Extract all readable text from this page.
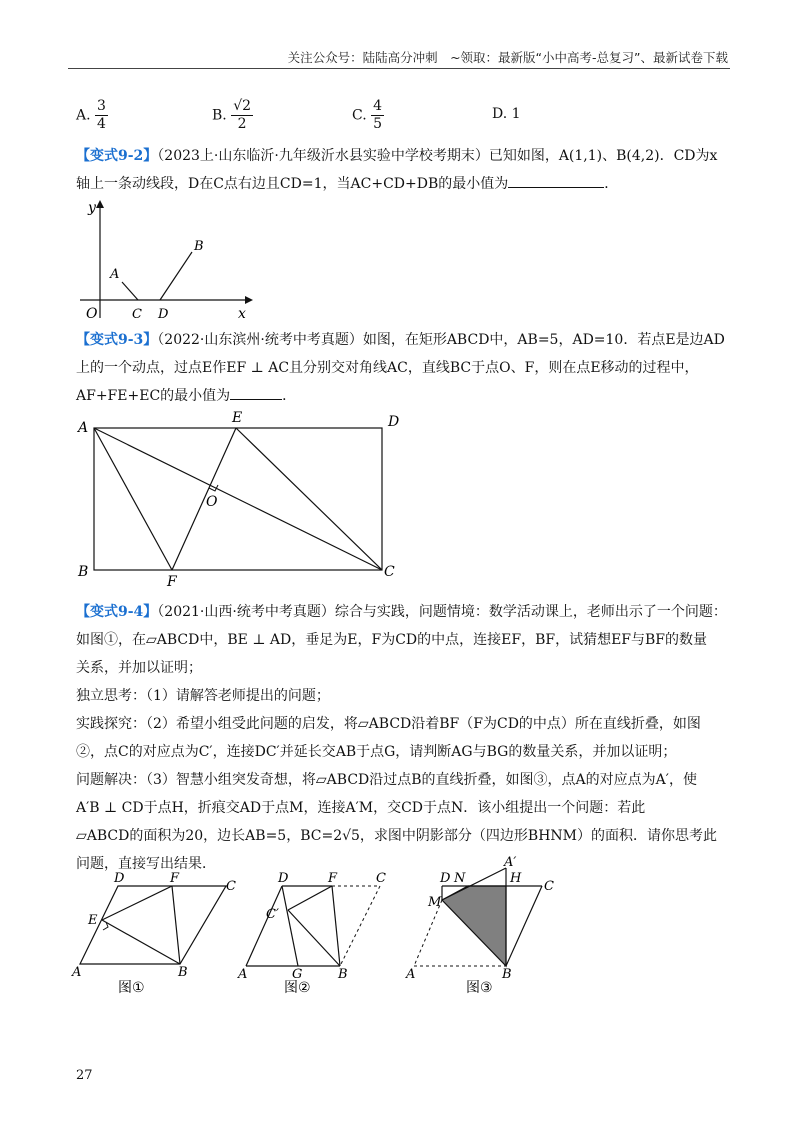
关注公众号：陆陆高分冲刺　~领取：最新版“小中高考-总复习”、最新试卷下载
A. $\frac{3}{4}$	B. $\frac{√2}{2}$	C. $\frac{4}{5}$	D. 1
【变式9-2】（2023上·山东临沂·九年级沂水县实验中学校考期末）已知如图，A(1,1)、B(4,2)．CD为x
轴上一条动线段，D在C点右边且CD=1，当AC+CD+DB的最小值为	．
y
x
O
A
B
C D
【变式9-3】（2022·山东滨州·统考中考真题）如图，在矩形ABCD中，AB=5，AD=10．若点E是边AD
上的一个动点，过点E作EF ⊥ AC且分别交对角线AC，直线BC于点O、F，则在点E移动的过程中，
AF+FE+EC的最小值为	．
A
B	C
D
E
F
O
【变式9-4】（2021·山西·统考中考真题）综合与实践，问题情境：数学活动课上，老师出示了一个问题：
如图①，在▱ABCD中，BE ⊥ AD，垂足为E，F为CD的中点，连接EF，BF，试猜想EF与BF的数量
关系，并加以证明；
独立思考：（1）请解答老师提出的问题；
实践探究：（2）希望小组受此问题的启发，将▱ABCD沿着BF（F为CD的中点）所在直线折叠，如图
②，点C的对应点为C′，连接DC′并延长交AB于点G，请判断AG与BG的数量关系，并加以证明；
问题解决：（3）智慧小组突发奇想，将▱ABCD沿过点B的直线折叠，如图③，点A的对应点为A′，使
A′B ⊥ CD于点H，折痕交AD于点M，连接A′M，交CD于点N．该小组提出一个问题：若此
▱ABCD的面积为20，边长AB=5，BC=2√5，求图中阴影部分（四边形BHNM）的面积．请你思考此
问题，直接写出结果．
D	F
C
E
A	B
图①
D	F	C
C′
A	G	B
图②
A′
D N	H
C
M
A	B
图③
27
